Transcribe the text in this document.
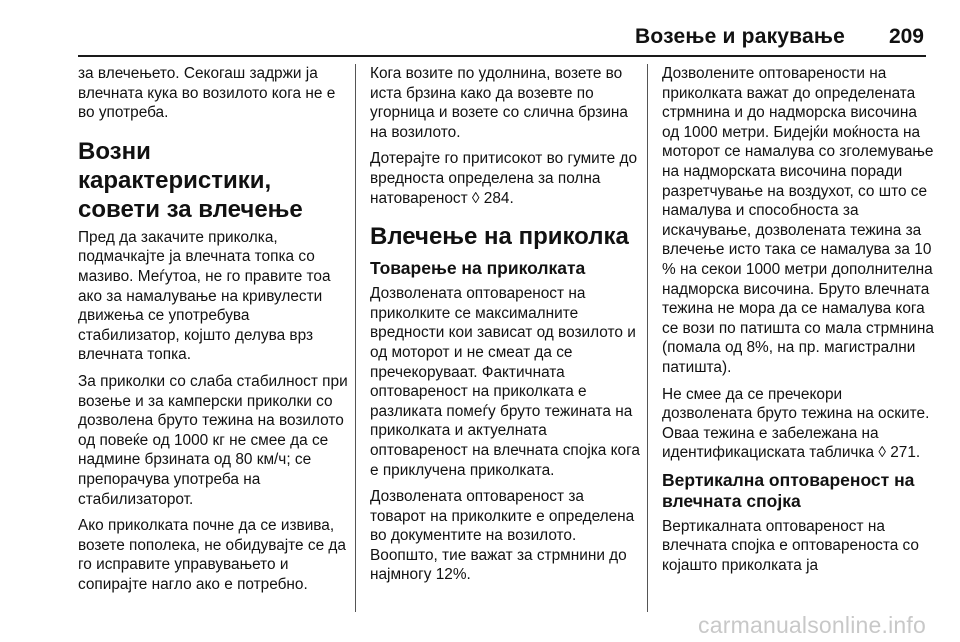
Возење и ракување 209

за влечењето. Секогаш задржи ја влечната кука во возилото кога не е во употреба.

Возни карактеристики, совети за влечење

Пред да закачите приколка, подмачкајте ја влечната топка со мазиво. Меѓутоа, не го правите тоа ако за намалување на кривулести движења се употребува стабилизатор, којшто делува врз влечната топка.

За приколки со слаба стабилност при возење и за камперски приколки со дозволена бруто тежина на возилото од повеќе од 1000 кг не смее да се надмине брзината од 80 км/ч; се препорачува употреба на стабилизаторот.

Ако приколката почне да се извива, возете пополека, не обидувајте се да го исправите управувањето и сопирајте нагло ако е потребно.

Кога возите по удолнина, возете во иста брзина како да возевте по угорница и возете со слична брзина на возилото.

Дотерајте го притисокот во гумите до вредноста определена за полна натовареност ◊ 284.

Влечење на приколка
Товарење на приколката

Дозволената оптовареност на приколките се максималните вредности кои зависат од возилото и од моторот и не смеат да се пречекоруваат. Фактичната оптовареност на приколката е разликата помеѓу бруто тежината на приколката и актуелната оптовареност на влечната спојка кога е приклучена приколката.

Дозволената оптовареност за товарот на приколките е определена во документите на возилото. Воопшто, тие важат за стрмнини до најмногу 12%.

Дозволените оптоварености на приколката важат до определената стрмнина и до надморска височина од 1000 метри. Бидејќи моќноста на моторот се намалува со зголемување на надморската височина поради разретчување на воздухот, со што се намалува и способноста за искачување, дозволената тежина за влечење исто така се намалува за 10 % на секои 1000 метри дополнителна надморска височина. Бруто влечната тежина не мора да се намалува кога се вози по патишта со мала стрмнина (помала од 8%, на пр. магистрални патишта).

Не смее да се пречекори дозволената бруто тежина на оските. Оваа тежина е забележана на идентификациската табличка ◊ 271.

Вертикална оптовареност на влечната спојка

Вертикалната оптовареност на влечната спојка е оптовареноста со којашто приколката ја

carmanualsonline.info
